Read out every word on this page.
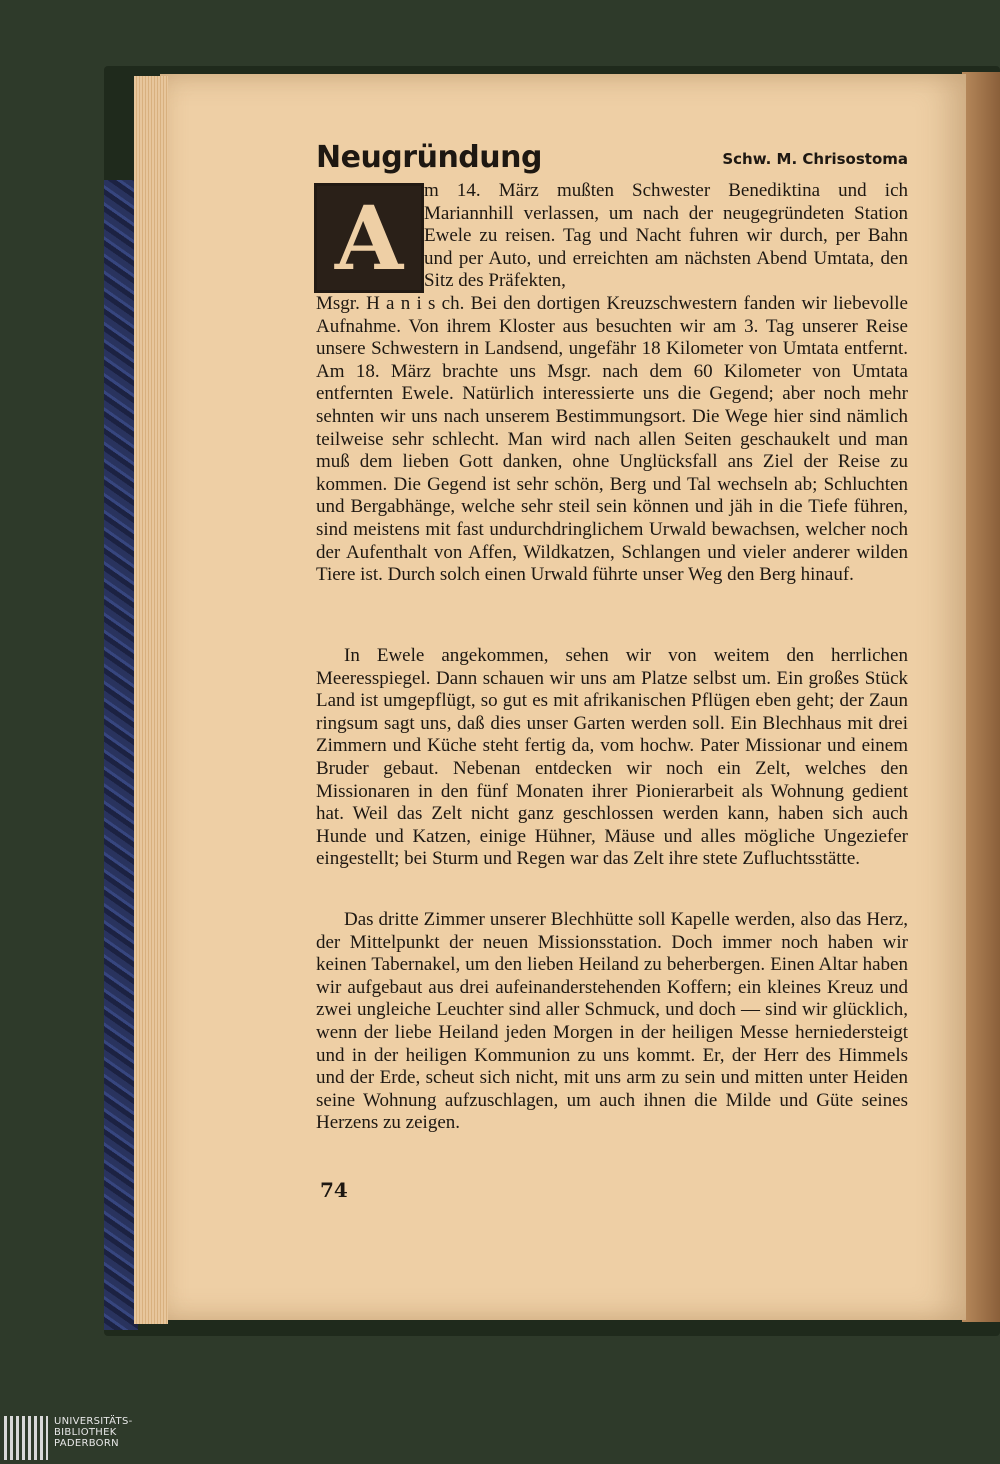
Neugründung	Schw. M. Chrisostoma
A	m 14. März mußten Schwester Benediktina und ich Mariannhill verlassen, um nach der neugegründeten Station Ewele zu reisen. Tag und Nacht fuhren wir durch, per Bahn und per Auto, und erreichten am nächsten Abend Umtata, den Sitz des Präfekten,
Msgr. H a n i s ch. Bei den dortigen Kreuzschwestern fanden wir liebevolle Aufnahme. Von ihrem Kloster aus besuchten wir am 3. Tag unserer Reise unsere Schwestern in Landsend, ungefähr 18 Kilometer von Umtata entfernt. Am 18. März brachte uns Msgr. nach dem 60 Kilometer von Umtata entfernten Ewele. Natürlich interessierte uns die Gegend; aber noch mehr sehnten wir uns nach unserem Bestimmungsort. Die Wege hier sind nämlich teilweise sehr schlecht. Man wird nach allen Seiten geschaukelt und man muß dem lieben Gott danken, ohne Unglücksfall ans Ziel der Reise zu kommen. Die Gegend ist sehr schön, Berg und Tal wechseln ab; Schluchten und Bergabhänge, welche sehr steil sein können und jäh in die Tiefe führen, sind meistens mit fast undurchdringlichem Urwald bewachsen, welcher noch der Aufenthalt von Affen, Wildkatzen, Schlangen und vieler anderer wilden Tiere ist. Durch solch einen Urwald führte unser Weg den Berg hinauf.
In Ewele angekommen, sehen wir von weitem den herrlichen Meeresspiegel. Dann schauen wir uns am Platze selbst um. Ein großes Stück Land ist umgepflügt, so gut es mit afrikanischen Pflügen eben geht; der Zaun ringsum sagt uns, daß dies unser Garten werden soll. Ein Blechhaus mit drei Zimmern und Küche steht fertig da, vom hochw. Pater Missionar und einem Bruder gebaut. Nebenan entdecken wir noch ein Zelt, welches den Missionaren in den fünf Monaten ihrer Pionierarbeit als Wohnung gedient hat. Weil das Zelt nicht ganz geschlossen werden kann, haben sich auch Hunde und Katzen, einige Hühner, Mäuse und alles mögliche Ungeziefer eingestellt; bei Sturm und Regen war das Zelt ihre stete Zufluchtsstätte.
Das dritte Zimmer unserer Blechhütte soll Kapelle werden, also das Herz, der Mittelpunkt der neuen Missionsstation. Doch immer noch haben wir keinen Tabernakel, um den lieben Heiland zu beherbergen. Einen Altar haben wir aufgebaut aus drei aufeinanderstehenden Koffern; ein kleines Kreuz und zwei ungleiche Leuchter sind aller Schmuck, und doch — sind wir glücklich, wenn der liebe Heiland jeden Morgen in der heiligen Messe herniedersteigt und in der heiligen Kommunion zu uns kommt. Er, der Herr des Himmels und der Erde, scheut sich nicht, mit uns arm zu sein und mitten unter Heiden seine Wohnung aufzuschlagen, um auch ihnen die Milde und Güte seines Herzens zu zeigen.
74
UNIVERSITÄTS-
BIBLIOTHEK
PADERBORN
